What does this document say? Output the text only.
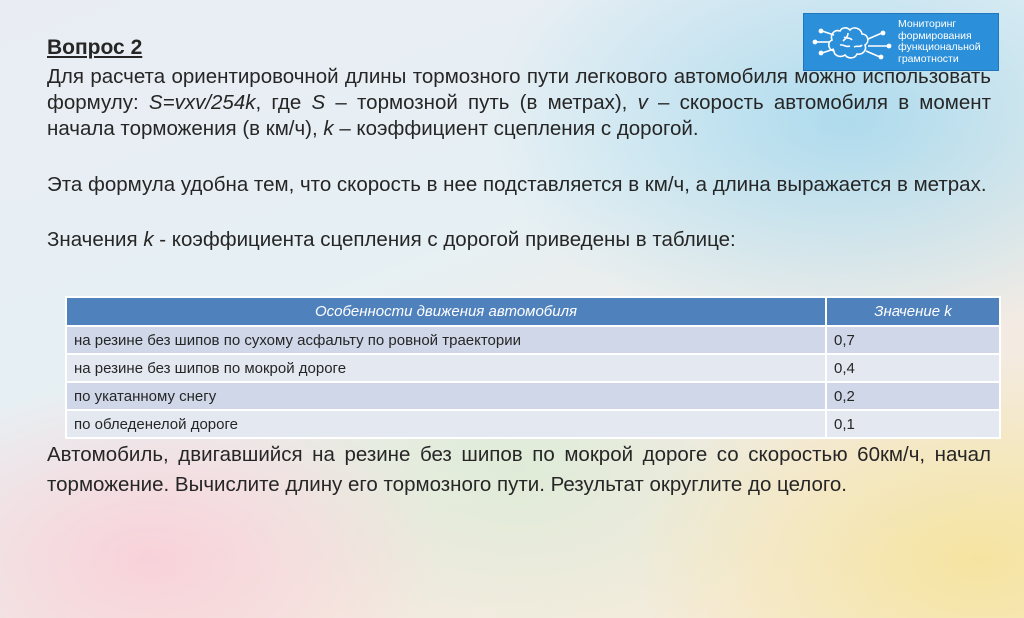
Мониторинг
формирования
функциональной
грамотности
Вопрос 2

Для расчета ориентировочной длины тормозного пути легкового автомобиля можно использовать формулу: S=vxv/254k, где S – тормозной путь (в метрах), v – скорость автомобиля в момент начала торможения (в км/ч), k – коэффициент сцепления с дорогой.

Эта формула удобна тем, что скорость в нее подставляется в км/ч, а длина выражается в метрах.

Значения k - коэффициента сцепления с дорогой приведены в таблице:

Особенности движения автомобиля	Значение k
на резине без шипов по сухому асфальту по ровной траектории	0,7
на резине без шипов по мокрой дороге	0,4
по укатанному снегу	0,2
по обледенелой дороге	0,1

Автомобиль, двигавшийся на резине без шипов по мокрой дороге со скоростью 60км/ч, начал торможение. Вычислите длину его тормозного пути. Результат округлите до целого.
